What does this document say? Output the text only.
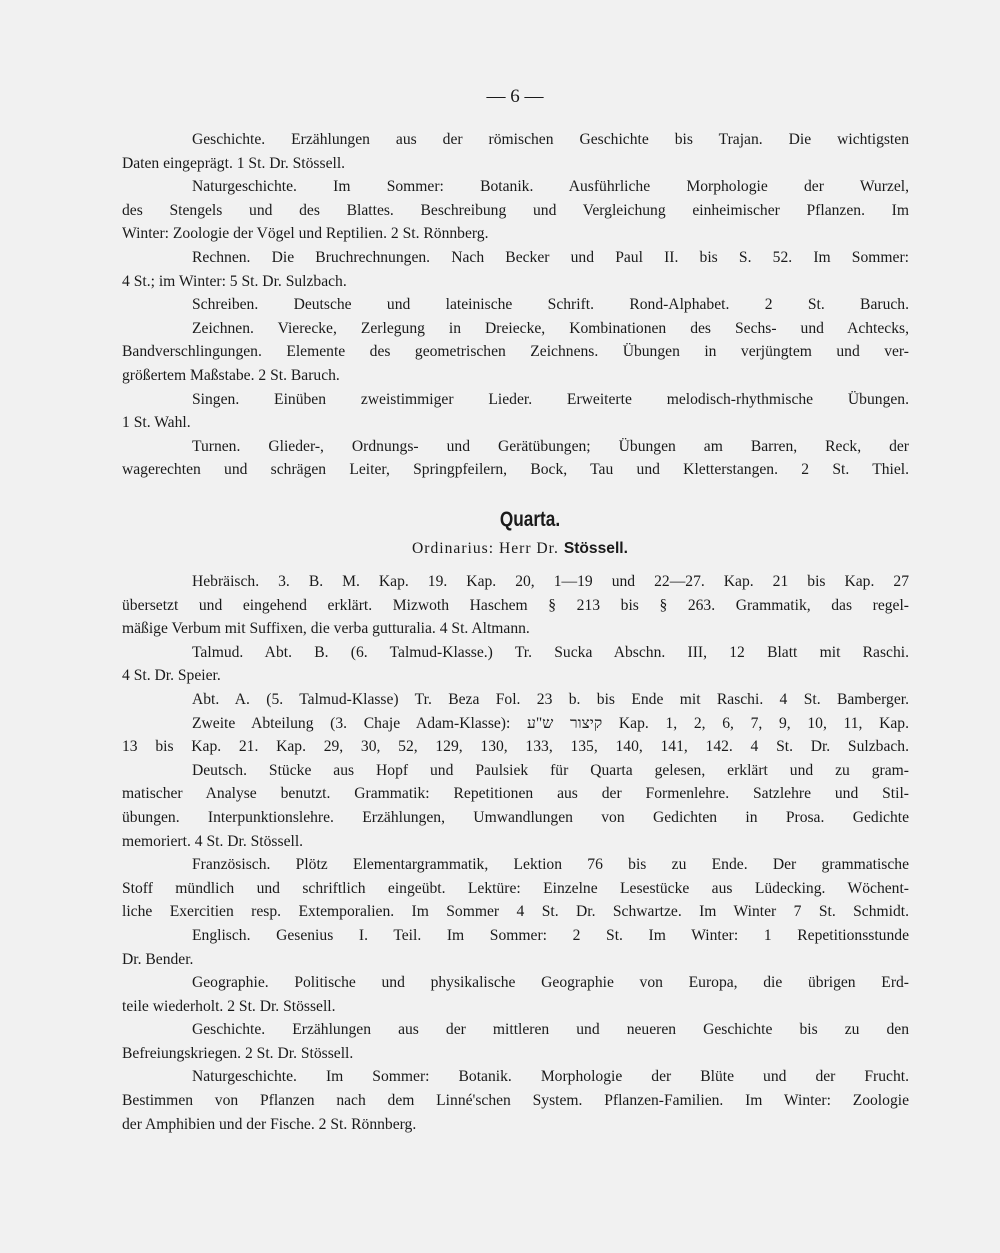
— 6 —
Geschichte. Erzählungen aus der römischen Geschichte bis Trajan. Die wichtigsten
Daten eingeprägt. 1 St. Dr. Stössell.
Naturgeschichte. Im Sommer: Botanik. Ausführliche Morphologie der Wurzel,
des Stengels und des Blattes. Beschreibung und Vergleichung einheimischer Pflanzen. Im
Winter: Zoologie der Vögel und Reptilien. 2 St. Rönnberg.
Rechnen. Die Bruchrechnungen. Nach Becker und Paul II. bis S. 52. Im Sommer:
4 St.; im Winter: 5 St. Dr. Sulzbach.
Schreiben. Deutsche und lateinische Schrift. Rond-Alphabet. 2 St. Baruch.
Zeichnen. Vierecke, Zerlegung in Dreiecke, Kombinationen des Sechs- und Achtecks,
Bandverschlingungen. Elemente des geometrischen Zeichnens. Übungen in verjüngtem und ver-
größertem Maßstabe. 2 St. Baruch.
Singen. Einüben zweistimmiger Lieder. Erweiterte melodisch-rhythmische Übungen.
1 St. Wahl.
Turnen. Glieder-, Ordnungs- und Gerätübungen; Übungen am Barren, Reck, der
wagerechten und schrägen Leiter, Springpfeilern, Bock, Tau und Kletterstangen. 2 St. Thiel.
Quarta.
Ordinarius: Herr Dr. Stössell.
Hebräisch. 3. B. M. Kap. 19. Kap. 20, 1—19 und 22—27. Kap. 21 bis Kap. 27
übersetzt und eingehend erklärt. Mizwoth Haschem § 213 bis § 263. Grammatik, das regel-
mäßige Verbum mit Suffixen, die verba gutturalia. 4 St. Altmann.
Talmud. Abt. B. (6. Talmud-Klasse.) Tr. Sucka Abschn. III, 12 Blatt mit Raschi.
4 St. Dr. Speier.
Abt. A. (5. Talmud-Klasse) Tr. Beza Fol. 23 b. bis Ende mit Raschi. 4 St. Bamberger.
Zweite Abteilung (3. Chaje Adam-Klasse): קיצור ש"ע Kap. 1, 2, 6, 7, 9, 10, 11, Kap.
13 bis Kap. 21. Kap. 29, 30, 52, 129, 130, 133, 135, 140, 141, 142. 4 St. Dr. Sulzbach.
Deutsch. Stücke aus Hopf und Paulsiek für Quarta gelesen, erklärt und zu gram-
matischer Analyse benutzt. Grammatik: Repetitionen aus der Formenlehre. Satzlehre und Stil-
übungen. Interpunktionslehre. Erzählungen, Umwandlungen von Gedichten in Prosa. Gedichte
memoriert. 4 St. Dr. Stössell.
Französisch. Plötz Elementargrammatik, Lektion 76 bis zu Ende. Der grammatische
Stoff mündlich und schriftlich eingeübt. Lektüre: Einzelne Lesestücke aus Lüdecking. Wöchent-
liche Exercitien resp. Extemporalien. Im Sommer 4 St. Dr. Schwartze. Im Winter 7 St. Schmidt.
Englisch. Gesenius I. Teil. Im Sommer: 2 St. Im Winter: 1 Repetitionsstunde
Dr. Bender.
Geographie. Politische und physikalische Geographie von Europa, die übrigen Erd-
teile wiederholt. 2 St. Dr. Stössell.
Geschichte. Erzählungen aus der mittleren und neueren Geschichte bis zu den
Befreiungskriegen. 2 St. Dr. Stössell.
Naturgeschichte. Im Sommer: Botanik. Morphologie der Blüte und der Frucht.
Bestimmen von Pflanzen nach dem Linné'schen System. Pflanzen-Familien. Im Winter: Zoologie
der Amphibien und der Fische. 2 St. Rönnberg.
